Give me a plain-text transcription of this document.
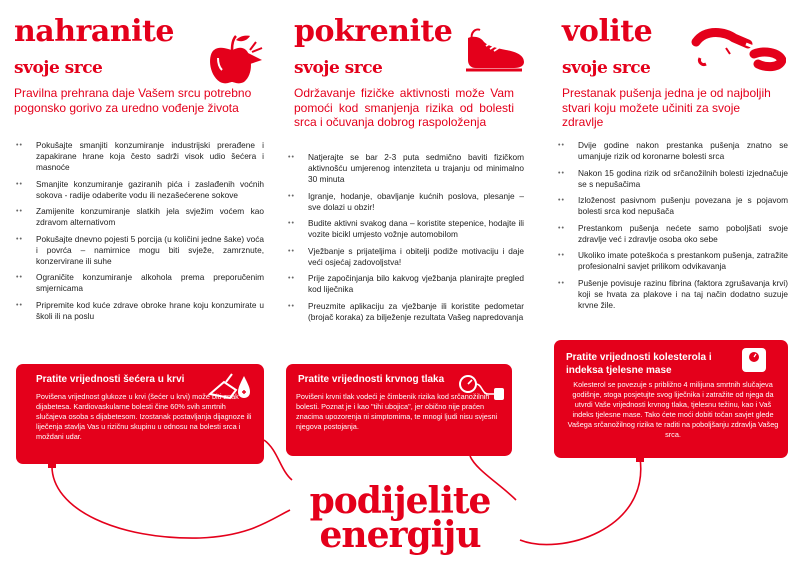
nahranite
svoje srce
Pravilna prehrana daje Vašem srcu potrebno pogonsko gorivo za uredno vođenje života
•• Pokušajte smanjiti konzumiranje industrijski prerađene i zapakirane hrane koja često sadrži visok udio šećera i masnoće
•• Smanjite konzumiranje gaziranih pića i zaslađenih voćnih sokova - radije odaberite vodu ili nezašećerene sokove
•• Zamijenite konzumiranje slatkih jela svježim voćem kao zdravom alternativom
•• Pokušajte dnevno pojesti 5 porcija (u količini jedne šake) voća i povrća – namirnice mogu biti svježe, zamrznute, konzervirane ili suhe
•• Ograničite konzumiranje alkohola prema preporučenim smjernicama
•• Pripremite kod kuće zdrave obroke hrane koju konzumirate u školi ili na poslu
pokrenite
svoje srce
Održavanje fizičke aktivnosti može Vam pomoći kod smanjenja rizika od bolesti srca i očuvanja dobrog raspoloženja
•• Natjerajte se bar 2-3 puta sedmično baviti fizičkom aktivnošću umjerenog intenziteta u trajanju od minimalno 30 minuta
•• Igranje, hodanje, obavljanje kućnih poslova, plesanje – sve dolazi u obzir!
•• Budite aktivni svakog dana – koristite stepenice, hodajte ili vozite bicikl umjesto vožnje automobilom
•• Vježbanje s prijateljima i obitelji podiže motivaciju i daje veći osjećaj zadovoljstva!
•• Prije započinjanja bilo kakvog vježbanja planirajte pregled kod liječnika
•• Preuzmite aplikaciju za vježbanje ili koristite pedometar (brojač koraka) za bilježenje rezultata Vašeg napredovanja
volite
svoje srce
Prestanak pušenja jedna je od najboljih stvari koju možete učiniti za svoje zdravlje
•• Dvije godine nakon prestanka pušenja znatno se umanjuje rizik od koronarne bolesti srca
•• Nakon 15 godina rizik od srčanožilnih bolesti izjednačuje se s nepušačima
•• Izloženost pasivnom pušenju povezana je s pojavom bolesti srca kod nepušača
•• Prestankom pušenja nećete samo poboljšati svoje zdravlje već i zdravlje osoba oko sebe
•• Ukoliko imate poteškoća s prestankom pušenja, zatražite profesionalni savjet prilikom odvikavanja
•• Pušenje povisuje razinu fibrina (faktora zgrušavanja krvi) koji se hvata za plakove i na taj način dodatno suzuje krvne žile.
Pratite vrijednosti šećera u krvi
Povišena vrijednost glukoze u krvi (šećer u krvi) može biti znak dijabetesa. Kardiovaskularne bolesti čine 60% svih smrtnih slučajeva osoba s dijabetesom. Izostanak postavljanja dijagnoze ili liječenja stavlja Vas u rizičnu skupinu u odnosu na bolesti srca i moždani udar.
Pratite vrijednosti krvnog tlaka
Povišeni krvni tlak vodeći je čimbenik rizika kod srčanožilnih bolesti. Poznat je i kao "tihi ubojica", jer obično nije praćen znacima upozorenja ni simptomima, te mnogi ljudi nisu svjesni njegova postojanja.
Pratite vrijednosti kolesterola i indeksa tjelesne mase
Kolesterol se povezuje s približno 4 milijuna smrtnih slučajeva godišnje, stoga posjetujte svog liječnika i zatražite od njega da utvrdi Vaše vrijednosti krvnog tlaka, tjelesnu težinu, kao i Vaš indeks tjelesne mase. Tako ćete moći dobiti točan savjet glede Vašega srčanožilnog rizika te raditi na poboljšanju zdravlja Vašeg srca.
podijelite
energiju
